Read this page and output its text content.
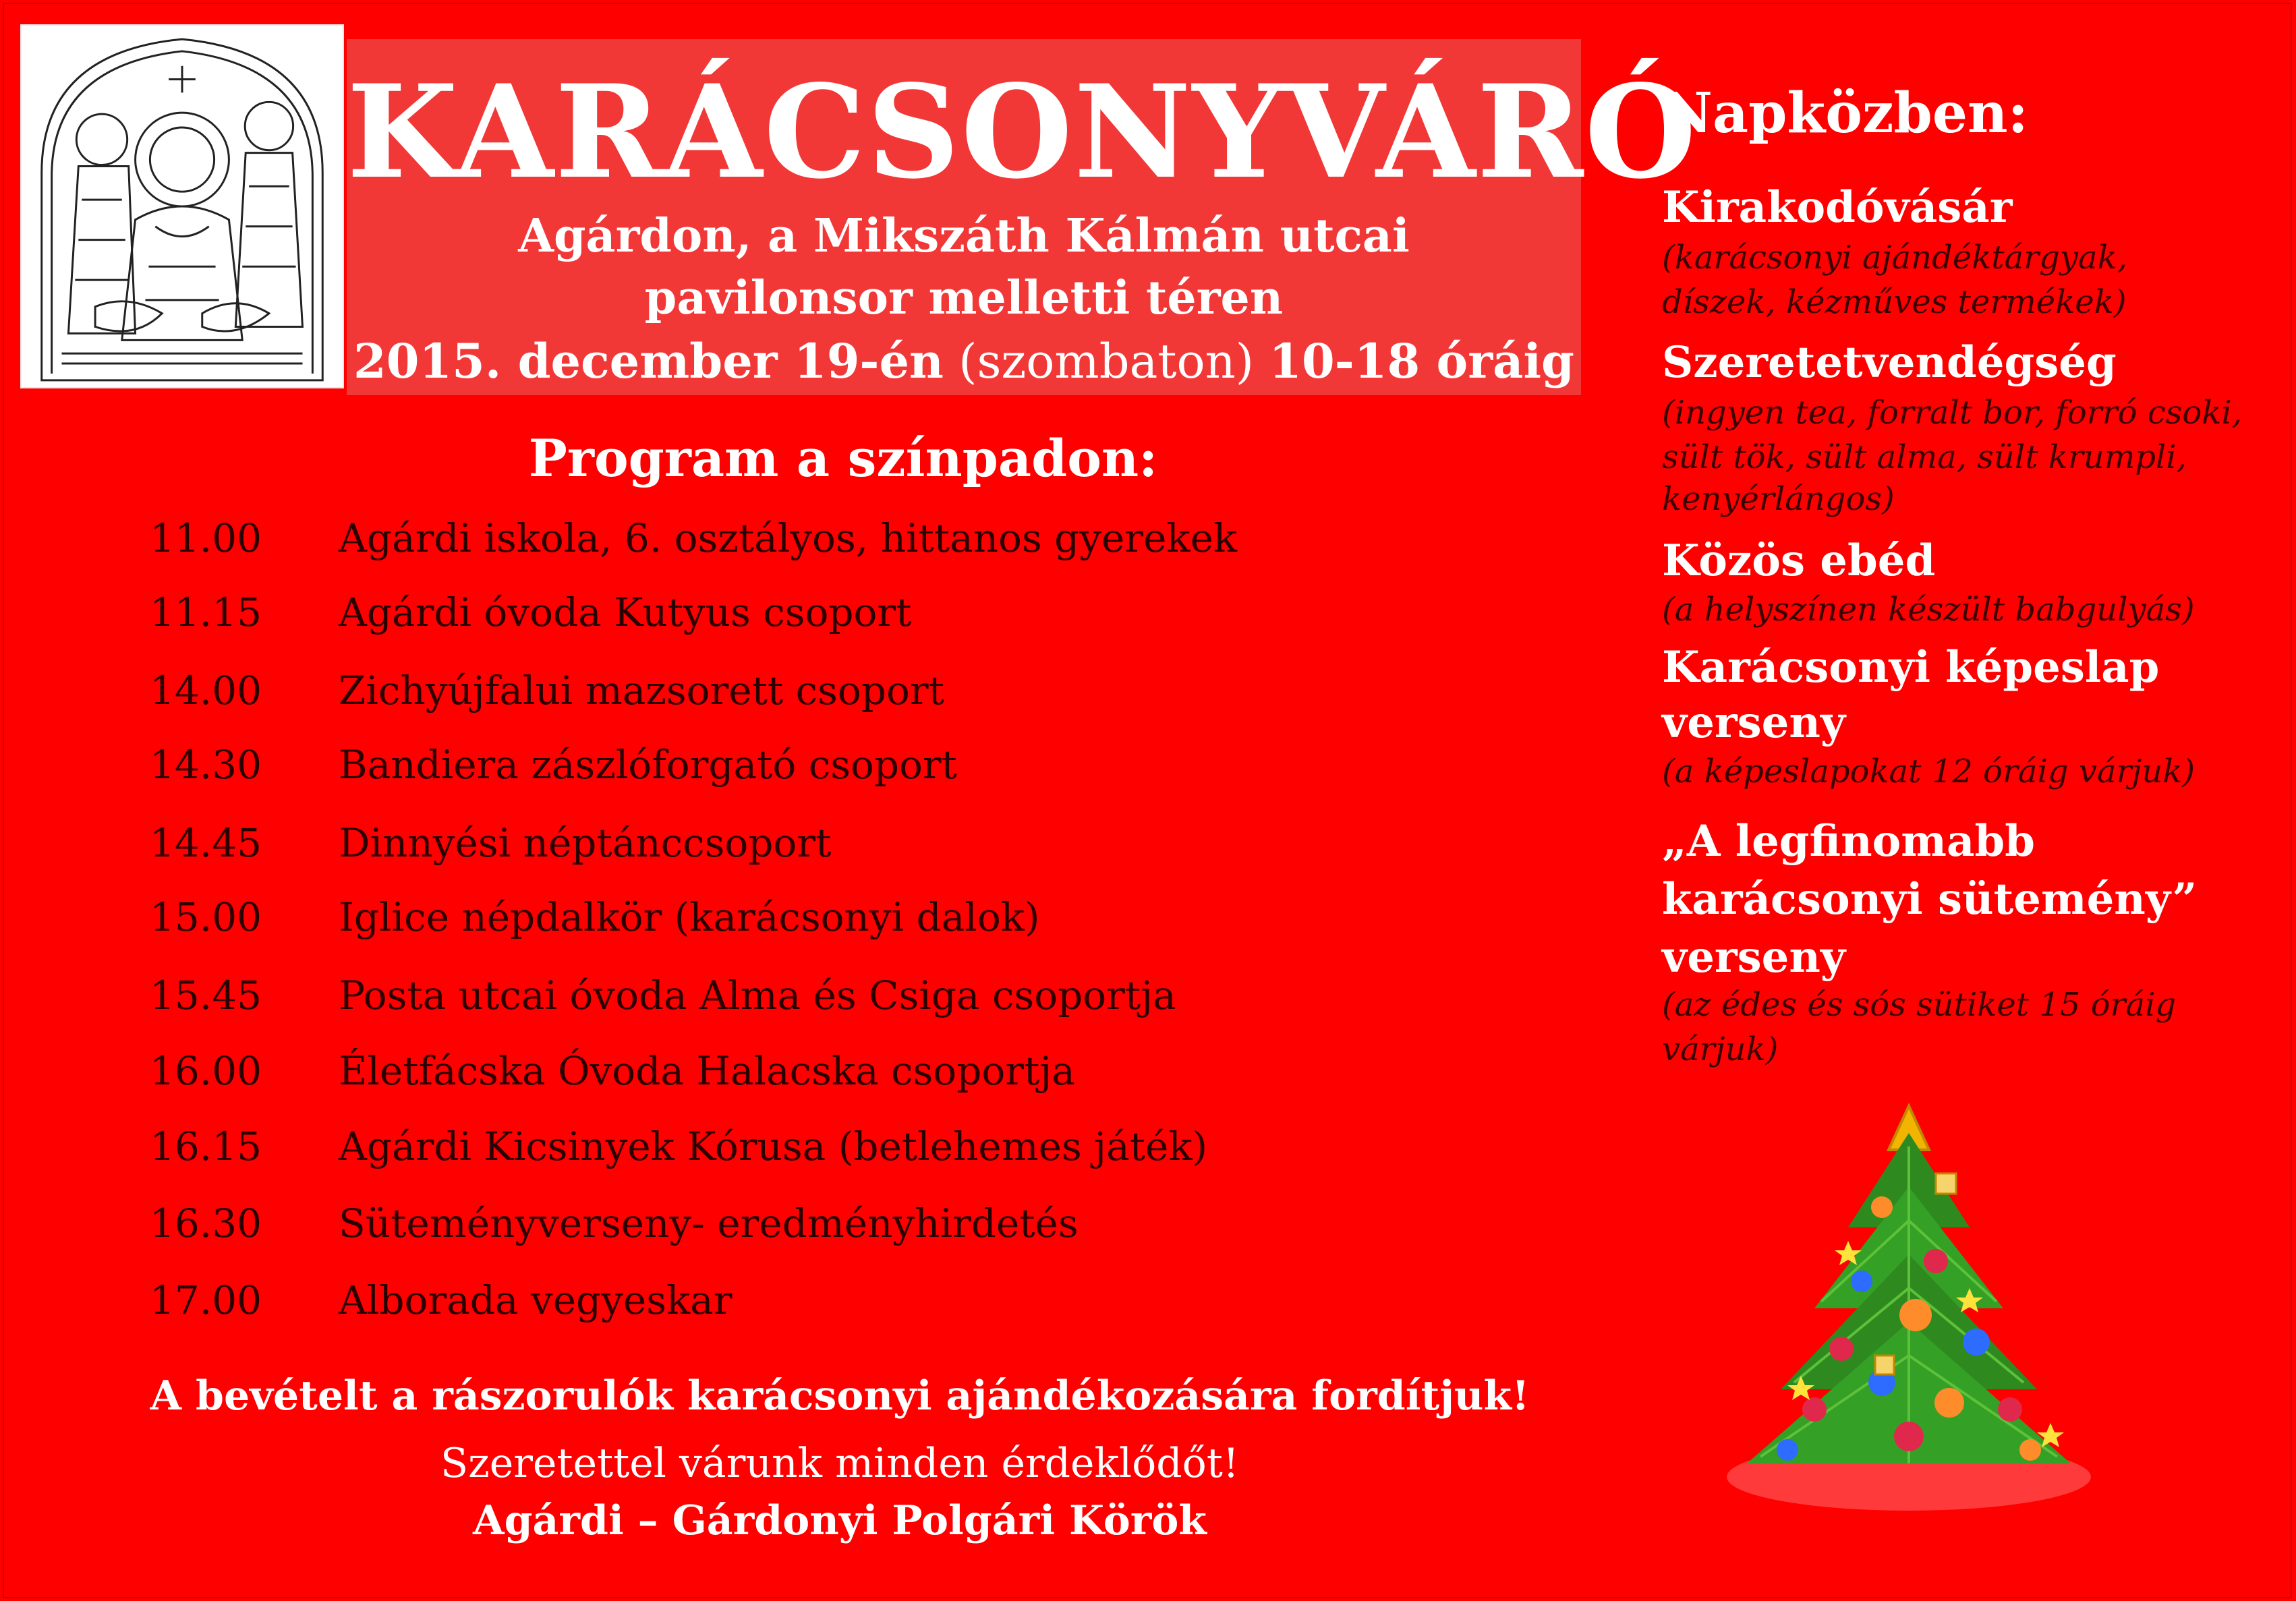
KARÁCSONYVÁRÓ
Agárdon, a Mikszáth Kálmán utcai
pavilonsor melletti téren
2015. december 19-én (szombaton) 10-18 óráig
Program a színpadon:
11.00 Agárdi iskola, 6. osztályos, hittanos gyerekek
11.15 Agárdi óvoda Kutyus csoport
14.00 Zichyújfalui mazsorett csoport
14.30 Bandiera zászlóforgató csoport
14.45 Dinnyési néptánccsoport
15.00 Iglice népdalkör (karácsonyi dalok)
15.45 Posta utcai óvoda Alma és Csiga csoportja
16.00 Életfácska Óvoda Halacska csoportja
16.15 Agárdi Kicsinyek Kórusa (betlehemes játék)
16.30 Süteményverseny- eredményhirdetés
17.00 Alborada vegyeskar
A bevételt a rászorulók karácsonyi ajándékozására fordítjuk!
Szeretettel várunk minden érdeklődőt!
Agárdi – Gárdonyi Polgári Körök
Napközben:
Kirakodóvásár
(karácsonyi ajándéktárgyak,
díszek, kézműves termékek)
Szeretetvendégség
(ingyen tea, forralt bor, forró csoki,
sült tök, sült alma, sült krumpli,
kenyérlángos)
Közös ebéd
(a helyszínen készült babgulyás)
Karácsonyi képeslap
verseny
(a képeslapokat 12 óráig várjuk)
„A legfinomabb
karácsonyi sütemény”
verseny
(az édes és sós sütiket 15 óráig
várjuk)
